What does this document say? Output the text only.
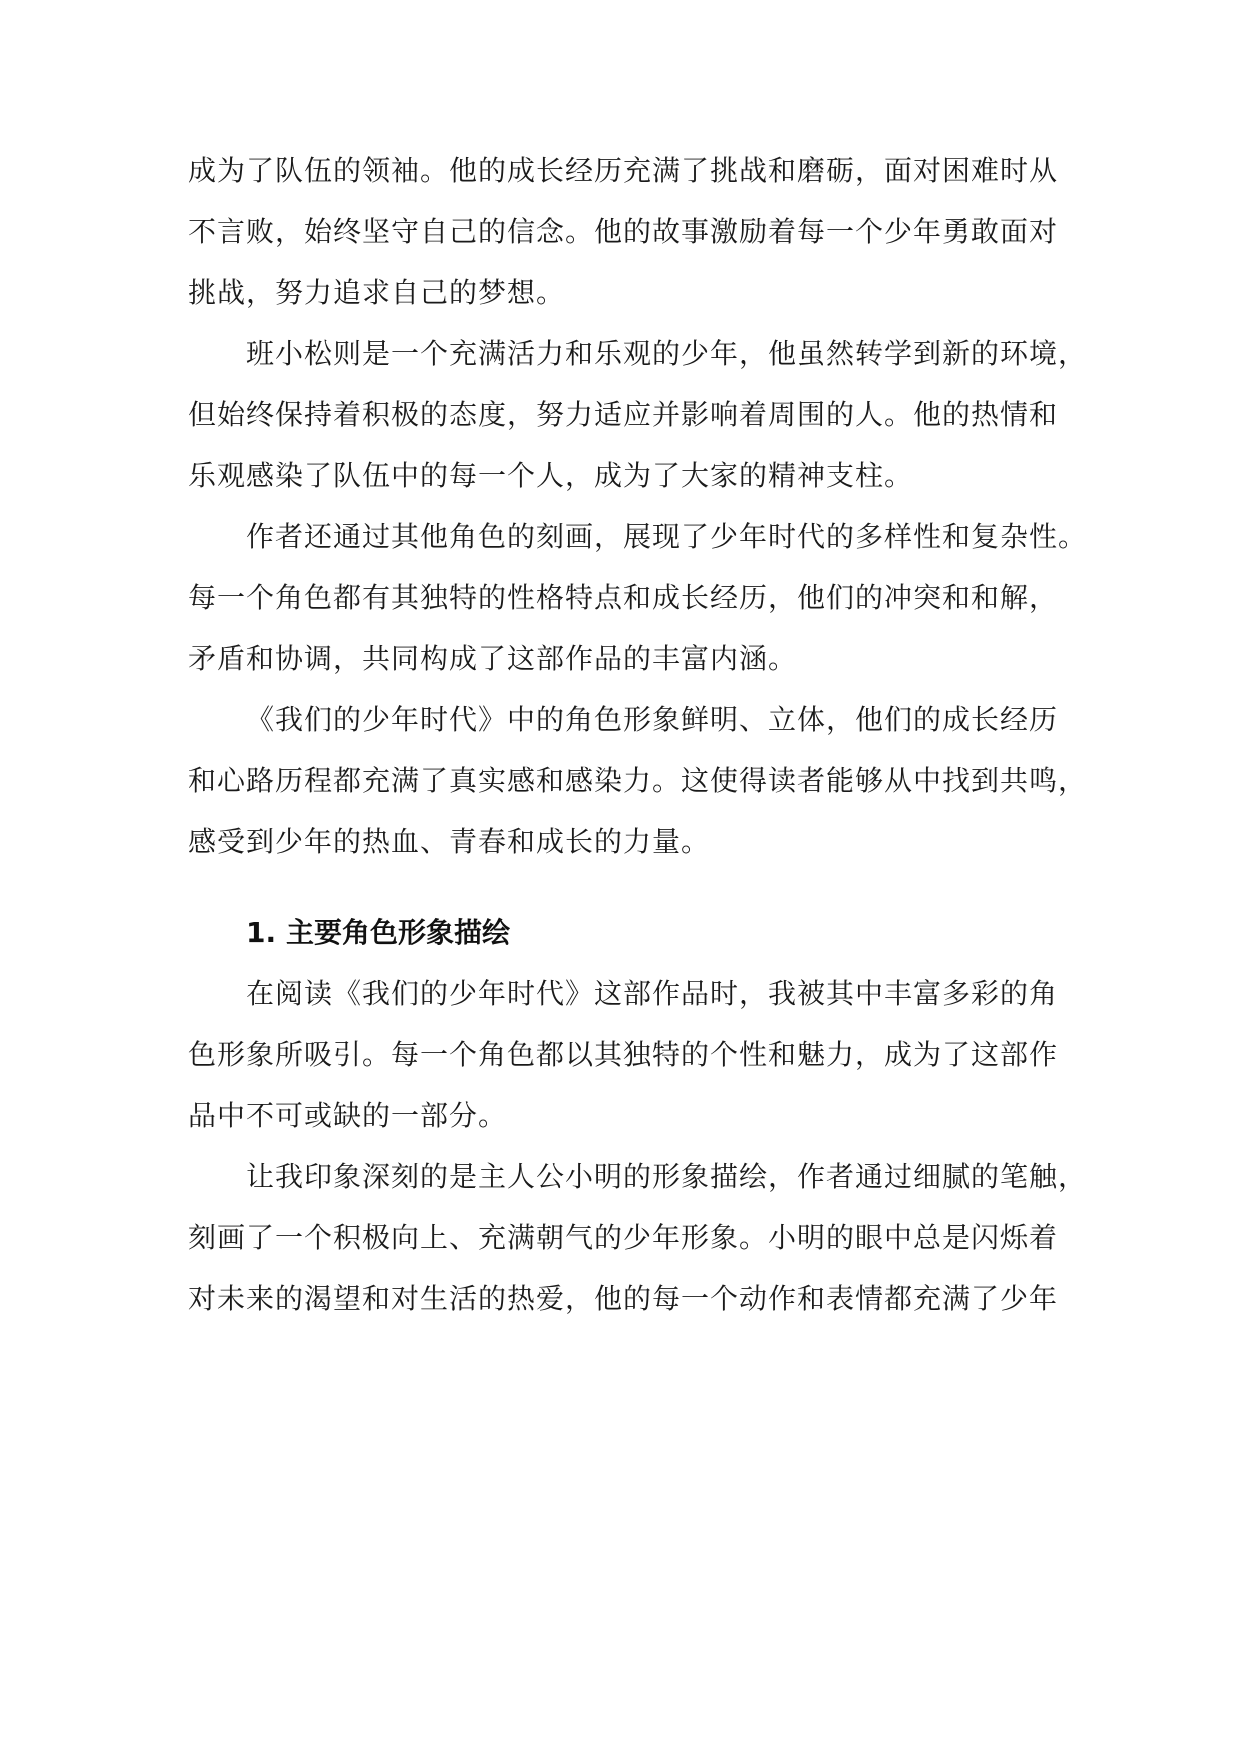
成为了队伍的领袖。他的成长经历充满了挑战和磨砺，面对困难时从
不言败，始终坚守自己的信念。他的故事激励着每一个少年勇敢面对
挑战，努力追求自己的梦想。
班小松则是一个充满活力和乐观的少年，他虽然转学到新的环境，
但始终保持着积极的态度，努力适应并影响着周围的人。他的热情和
乐观感染了队伍中的每一个人，成为了大家的精神支柱。
作者还通过其他角色的刻画，展现了少年时代的多样性和复杂性。
每一个角色都有其独特的性格特点和成长经历，他们的冲突和和解，
矛盾和协调，共同构成了这部作品的丰富内涵。
《我们的少年时代》中的角色形象鲜明、立体，他们的成长经历
和心路历程都充满了真实感和感染力。这使得读者能够从中找到共鸣，
感受到少年的热血、青春和成长的力量。
1. 主要角色形象描绘
在阅读《我们的少年时代》这部作品时，我被其中丰富多彩的角
色形象所吸引。每一个角色都以其独特的个性和魅力，成为了这部作
品中不可或缺的一部分。
让我印象深刻的是主人公小明的形象描绘，作者通过细腻的笔触，
刻画了一个积极向上、充满朝气的少年形象。小明的眼中总是闪烁着
对未来的渴望和对生活的热爱，他的每一个动作和表情都充满了少年
